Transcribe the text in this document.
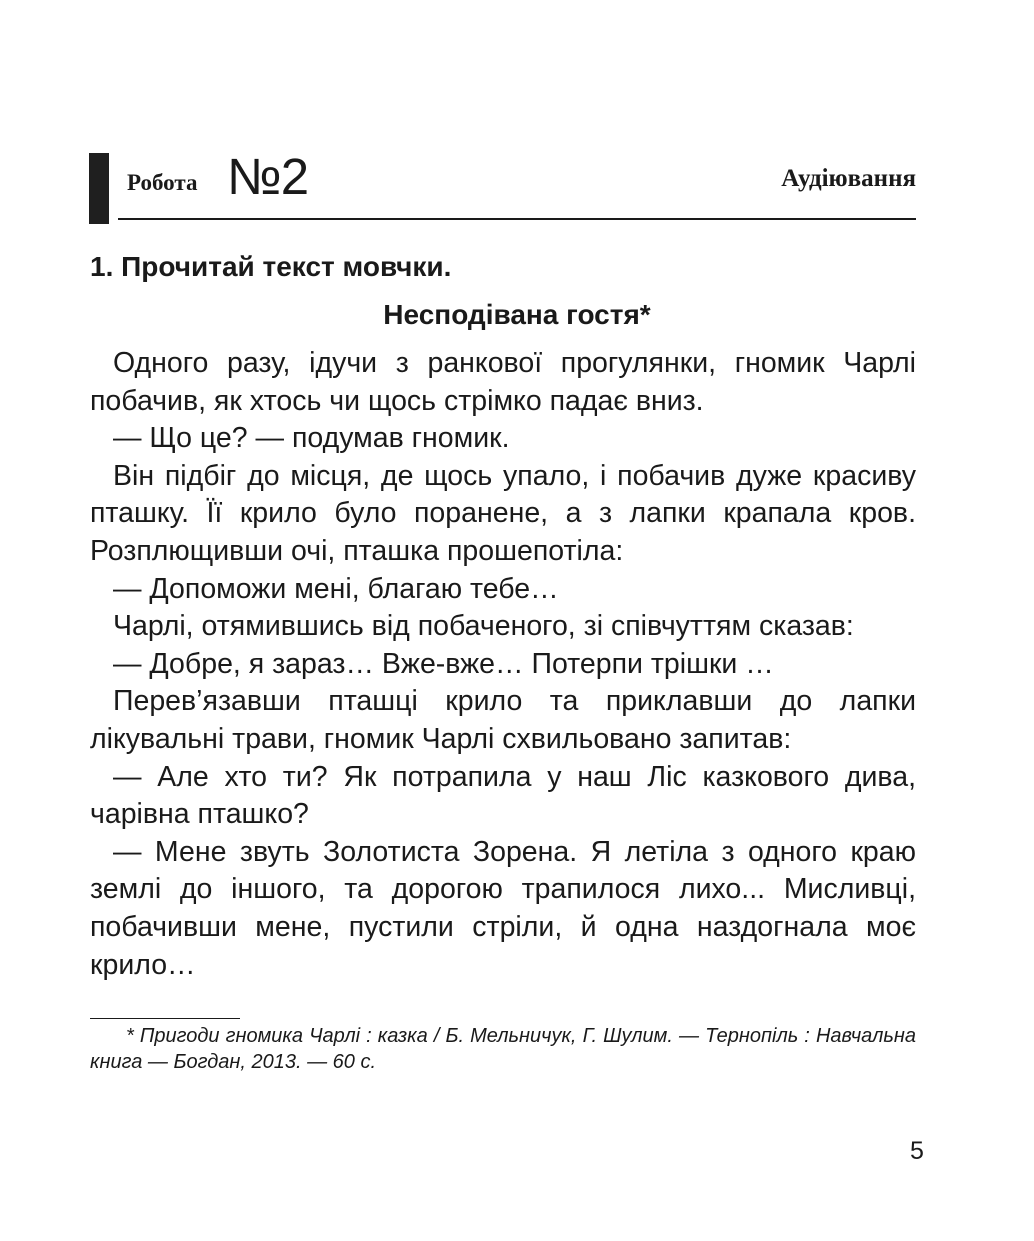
Робота №2	Аудіювання
1. Прочитай текст мовчки.
Несподівана гостя*

Одного разу, ідучи з ранкової прогулянки, гномик Чарлі побачив, як хтось чи щось стрімко падає вниз.

— Що це? — подумав гномик.

Він підбіг до місця, де щось упало, і побачив дуже красиву пташку. Її крило було поранене, а з лапки крапала кров. Розплющивши очі, пташка прошепотіла:

— Допоможи мені, благаю тебе…

Чарлі, отямившись від побаченого, зі співчуттям сказав:

— Добре, я зараз… Вже-вже… Потерпи трішки …

Перев’язавши пташці крило та приклавши до лапки лікувальні трави, гномик Чарлі схвильовано запитав:

— Але хто ти? Як потрапила у наш Ліс казкового дива, чарівна пташко?

— Мене звуть Золотиста Зорена. Я летіла з одного краю землі до іншого, та дорогою трапилося лихо... Мисливці, побачивши мене, пустили стріли, й одна наздогнала моє крило…

* Пригоди гномика Чарлі : казка / Б. Мельничук, Г. Шулим. — Тернопіль : Навчальна книга — Богдан, 2013. — 60 с.

5
